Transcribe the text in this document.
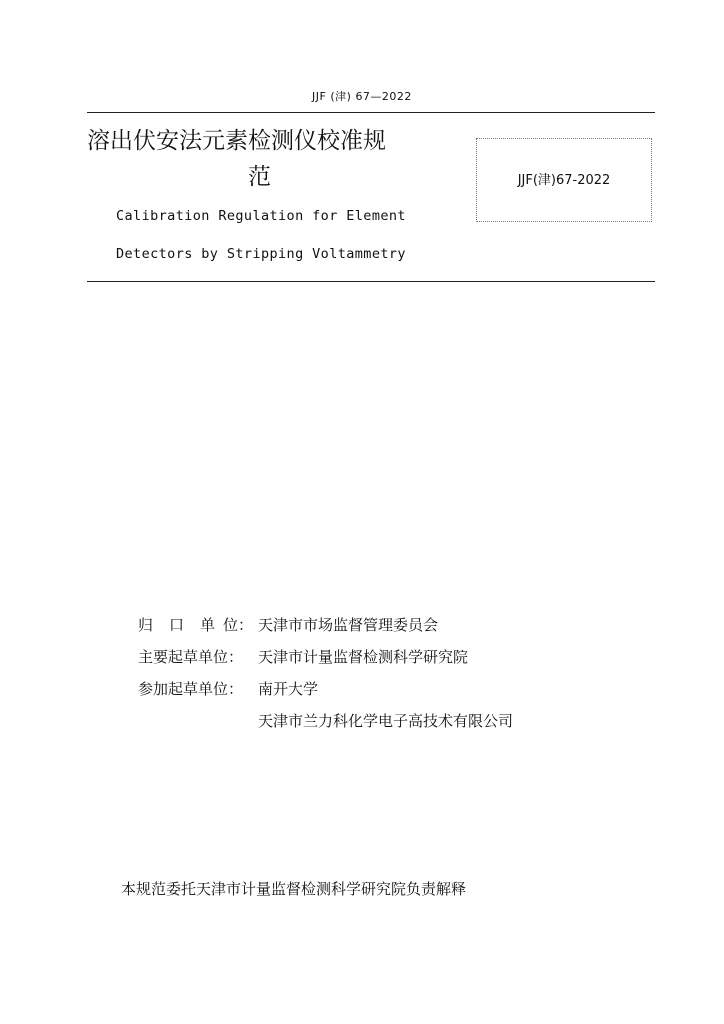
JJF (津) 67—2022
溶出伏安法元素检测仪校准规
范	JJF(津)67-2022
Calibration Regulation for Element
Detectors by Stripping Voltammetry
归 口 单 位： 天津市市场监督管理委员会
主要起草单位： 天津市计量监督检测科学研究院
参加起草单位： 南开大学
天津市兰力科化学电子高技术有限公司
本规范委托天津市计量监督检测科学研究院负责解释
